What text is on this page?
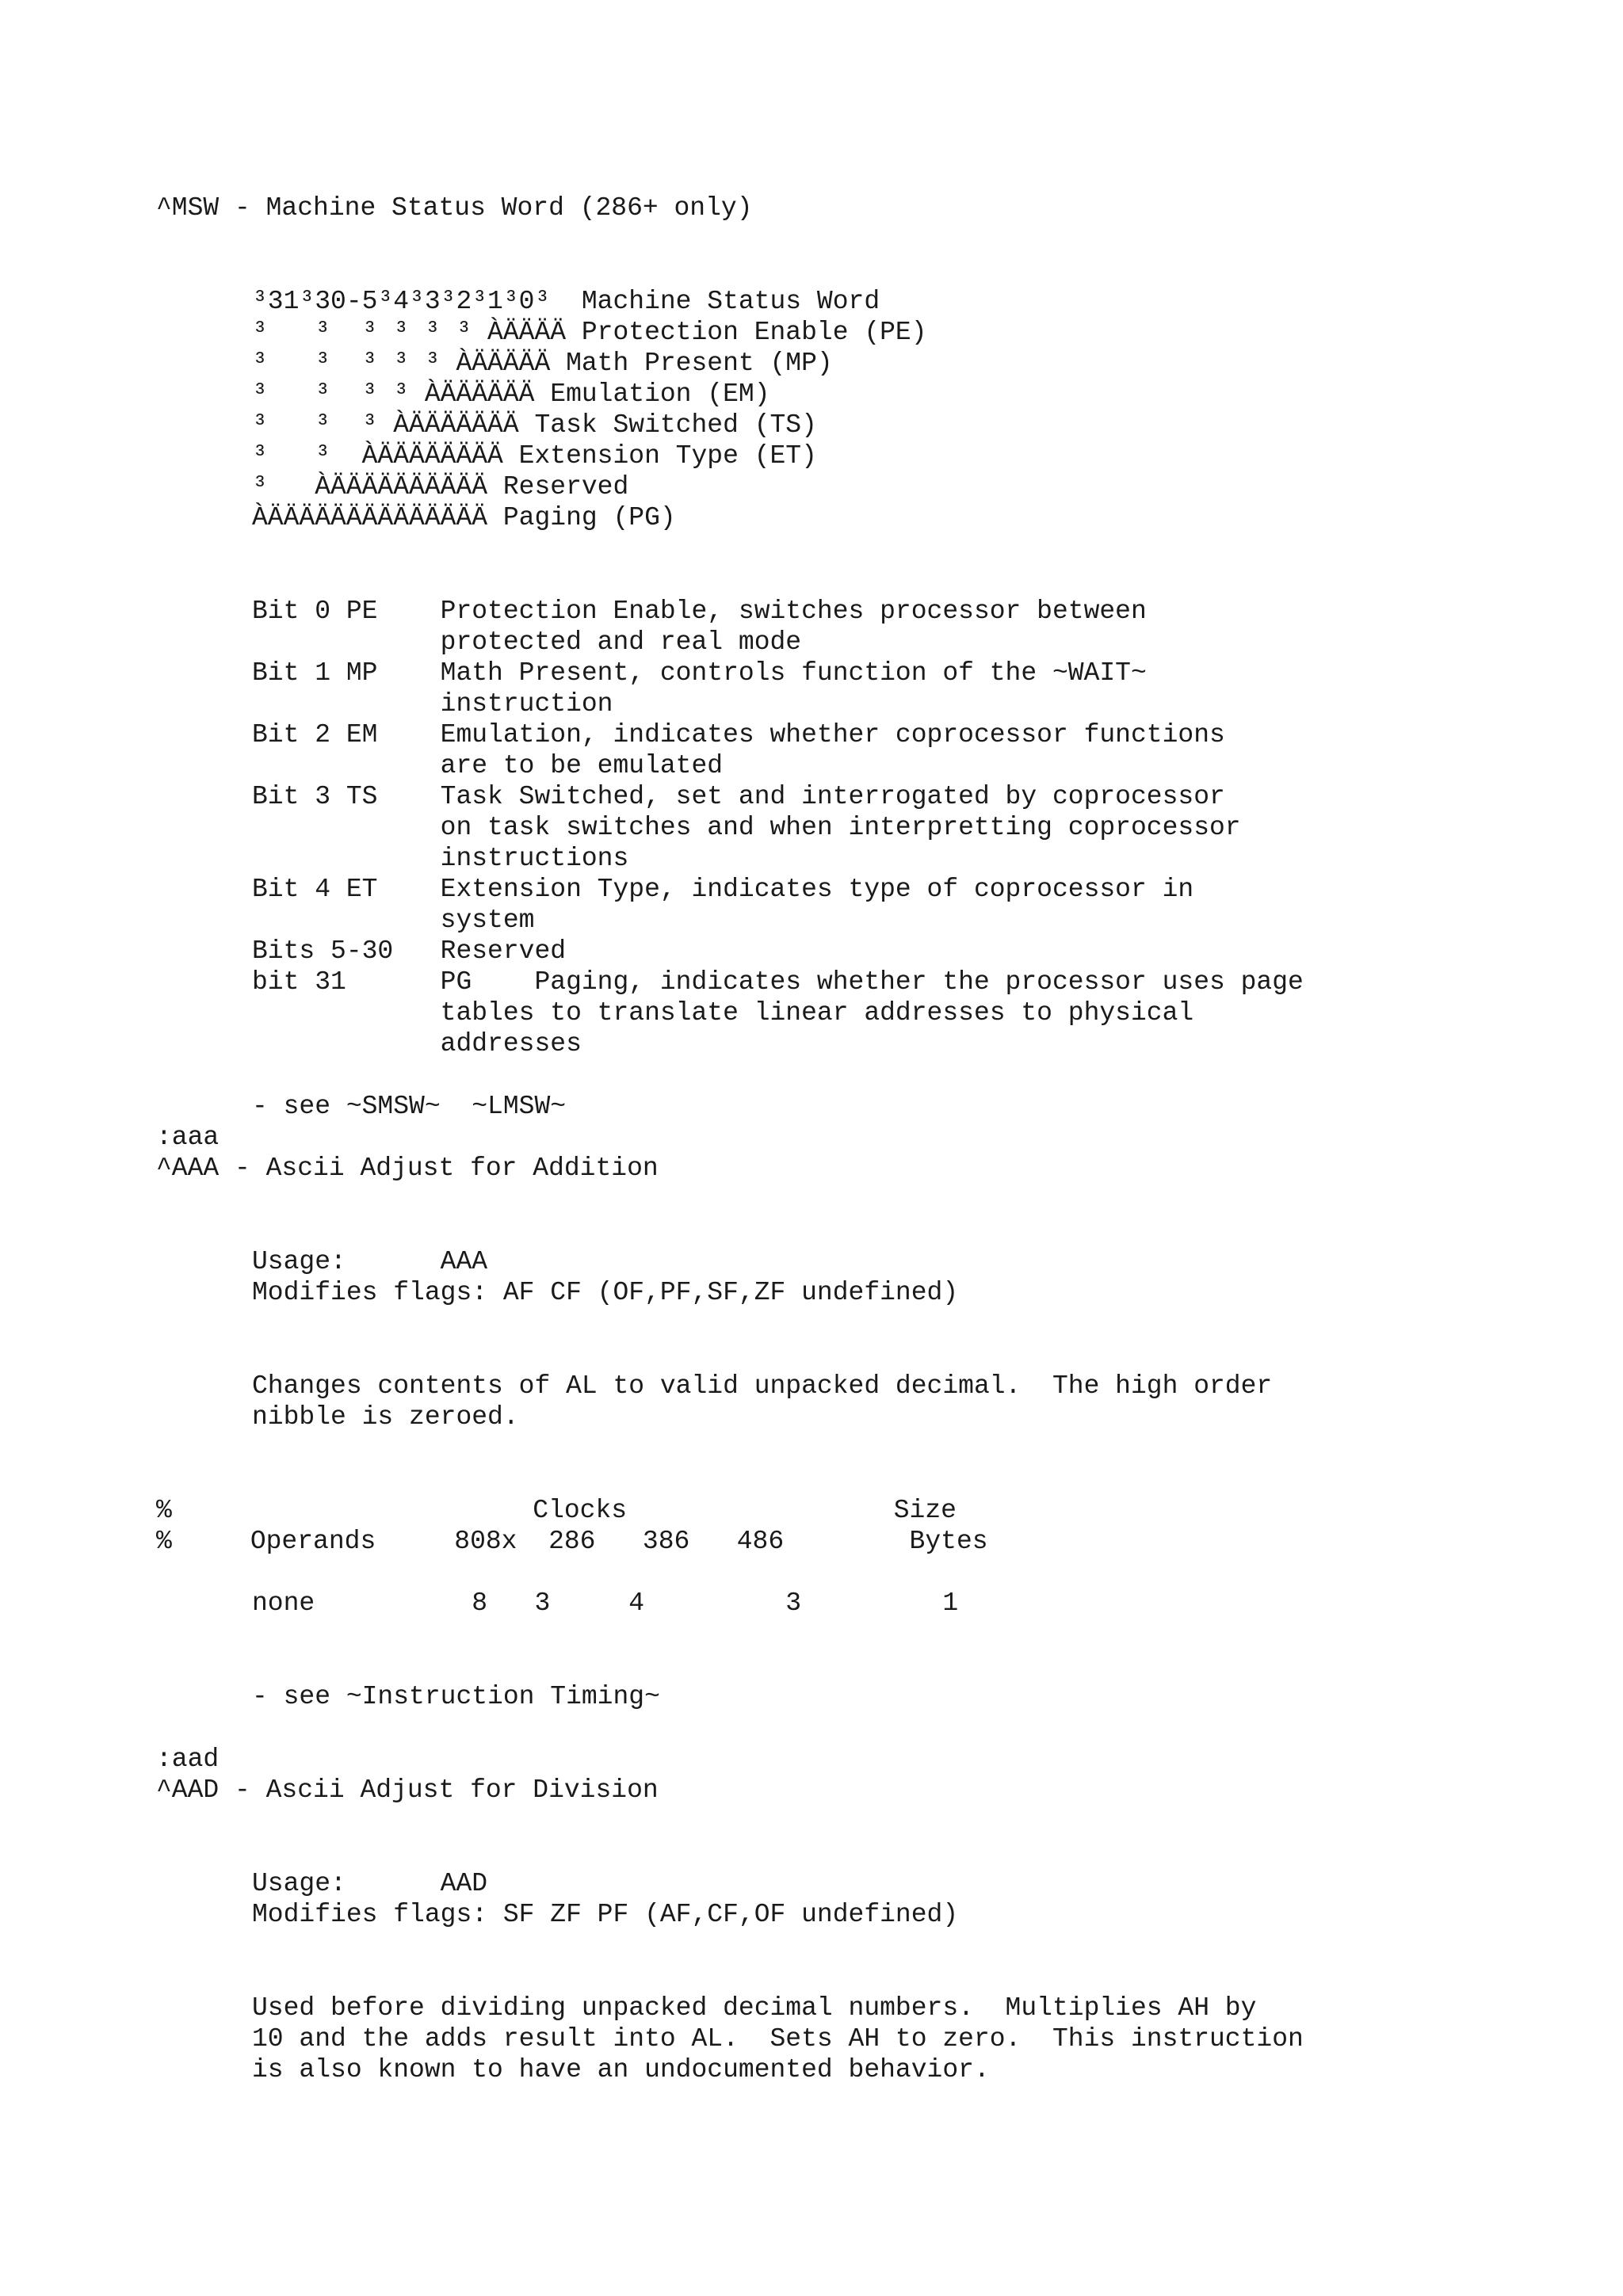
^MSW - Machine Status Word (286+ only)

³31³30-5³4³3³2³1³0³  Machine Status Word

³   ³  ³ ³ ³ ³ ÀÄÄÄÄ Protection Enable (PE)

³   ³  ³ ³ ³ ÀÄÄÄÄÄ Math Present (MP)

³   ³  ³ ³ ÀÄÄÄÄÄÄ Emulation (EM)

³   ³  ³ ÀÄÄÄÄÄÄÄ Task Switched (TS)

³   ³  ÀÄÄÄÄÄÄÄÄ Extension Type (ET)

³   ÀÄÄÄÄÄÄÄÄÄÄ Reserved

ÀÄÄÄÄÄÄÄÄÄÄÄÄÄÄ Paging (PG)

Bit 0 PE    Protection Enable, switches processor between

protected and real mode

Bit 1 MP    Math Present, controls function of the ~WAIT~

instruction

Bit 2 EM    Emulation, indicates whether coprocessor functions

are to be emulated

Bit 3 TS    Task Switched, set and interrogated by coprocessor

on task switches and when interpretting coprocessor

instructions

Bit 4 ET    Extension Type, indicates type of coprocessor in

system

Bits 5-30   Reserved

bit 31      PG    Paging, indicates whether the processor uses page

tables to translate linear addresses to physical

addresses

- see ~SMSW~  ~LMSW~

:aaa

^AAA - Ascii Adjust for Addition

Usage:      AAA

Modifies flags: AF CF (OF,PF,SF,ZF undefined)

Changes contents of AL to valid unpacked decimal.  The high order

nibble is zeroed.

%                       Clocks                 Size

%     Operands     808x  286   386   486        Bytes

none          8   3     4         3         1

- see ~Instruction Timing~

:aad

^AAD - Ascii Adjust for Division

Usage:      AAD

Modifies flags: SF ZF PF (AF,CF,OF undefined)

Used before dividing unpacked decimal numbers.  Multiplies AH by

10 and the adds result into AL.  Sets AH to zero.  This instruction

is also known to have an undocumented behavior.
